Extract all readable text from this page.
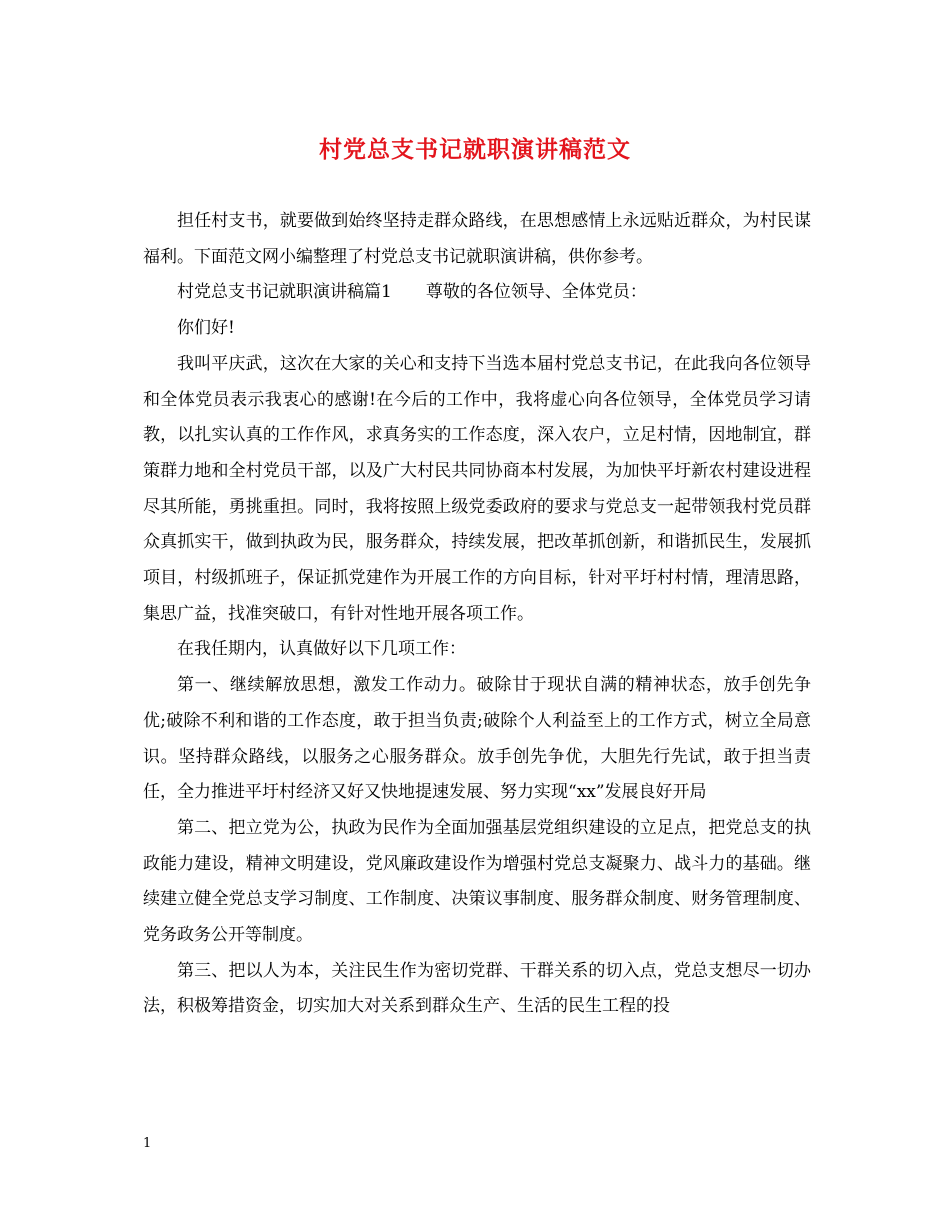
村党总支书记就职演讲稿范文

担任村支书，就要做到始终坚持走群众路线，在思想感情上永远贴近群众，为村民谋福利。下面范文网小编整理了村党总支书记就职演讲稿，供你参考。

村党总支书记就职演讲稿篇1　　尊敬的各位领导、全体党员：

你们好!

我叫平庆武，这次在大家的关心和支持下当选本届村党总支书记，在此我向各位领导和全体党员表示我衷心的感谢!在今后的工作中，我将虚心向各位领导，全体党员学习请教，以扎实认真的工作作风，求真务实的工作态度，深入农户，立足村情，因地制宜，群策群力地和全村党员干部，以及广大村民共同协商本村发展，为加快平圩新农村建设进程尽其所能，勇挑重担。同时，我将按照上级党委政府的要求与党总支一起带领我村党员群众真抓实干，做到执政为民，服务群众，持续发展，把改革抓创新，和谐抓民生，发展抓项目，村级抓班子，保证抓党建作为开展工作的方向目标，针对平圩村村情，理清思路，集思广益，找准突破口，有针对性地开展各项工作。

在我任期内，认真做好以下几项工作：

第一、继续解放思想，激发工作动力。破除甘于现状自满的精神状态，放手创先争优;破除不利和谐的工作态度，敢于担当负责;破除个人利益至上的工作方式，树立全局意识。坚持群众路线，以服务之心服务群众。放手创先争优，大胆先行先试，敢于担当责任，全力推进平圩村经济又好又快地提速发展、努力实现“xx”发展良好开局

第二、把立党为公，执政为民作为全面加强基层党组织建设的立足点，把党总支的执政能力建设，精神文明建设，党风廉政建设作为增强村党总支凝聚力、战斗力的基础。继续建立健全党总支学习制度、工作制度、决策议事制度、服务群众制度、财务管理制度、党务政务公开等制度。

第三、把以人为本，关注民生作为密切党群、干群关系的切入点，党总支想尽一切办法，积极筹措资金，切实加大对关系到群众生产、生活的民生工程的投

1
